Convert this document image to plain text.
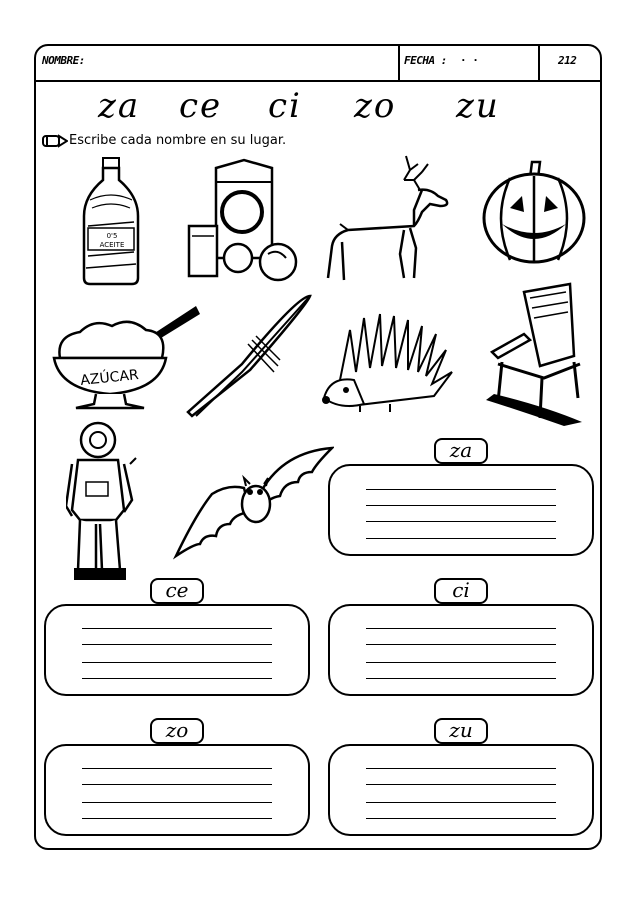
NOMBRE:	FECHA : · ·	212
za ce ci zo zu
Escribe cada nombre en su lugar.
0'5
ACEITE
AZÚCAR
za
ce	ci
zo	zu
